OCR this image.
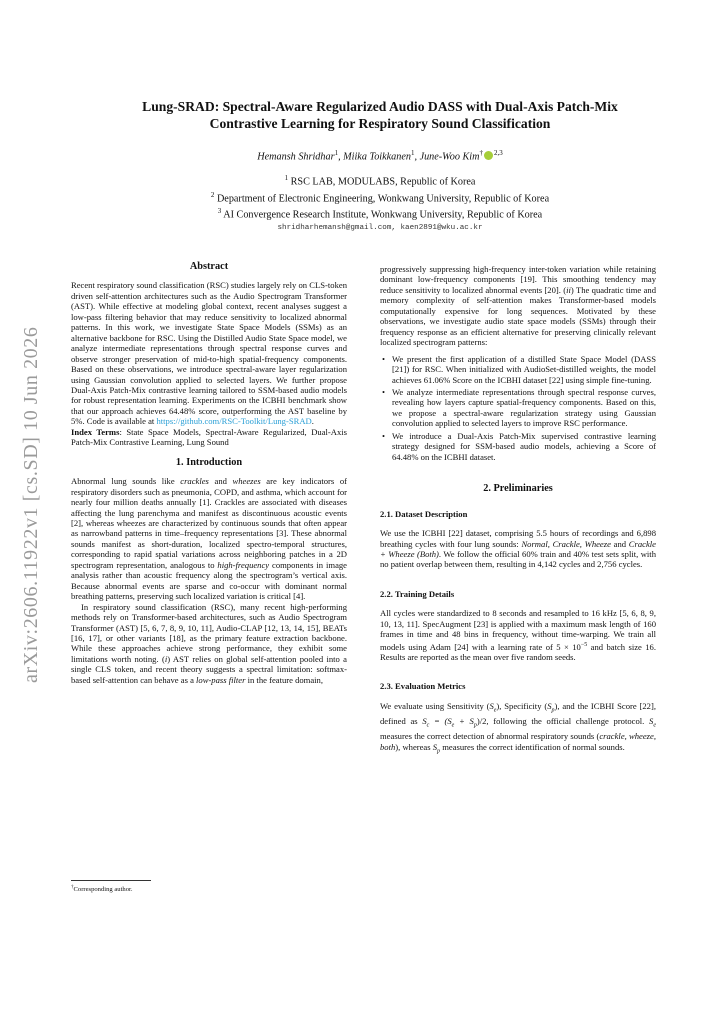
arXiv:2606.11922v1 [cs.SD] 10 Jun 2026

Lung-SRAD: Spectral-Aware Regularized Audio DASS with Dual-Axis Patch-Mix
Contrastive Learning for Respiratory Sound Classification

Hemansh Shridhar$^1$, Miika Toikkanen$^1$, June-Woo Kim† $^{2,3}$
$^1$ RSC LAB, MODULABS, Republic of Korea
$^2$ Department of Electronic Engineering, Wonkwang University, Republic of Korea
$^3$ AI Convergence Research Institute, Wonkwang University, Republic of Korea
shridharhemansh@gmail.com, kaen2891@wku.ac.kr
Abstract

Recent respiratory sound classification (RSC) studies largely rely on CLS-token driven self-attention architectures such as the Audio Spectrogram Transformer (AST). While effective at modeling global context, recent analyses suggest a low-pass filtering behavior that may reduce sensitivity to localized abnormal patterns. In this work, we investigate State Space Models (SSMs) as an alternative backbone for RSC. Using the Distilled Audio State Space model, we analyze intermediate representations through spectral response curves and observe stronger preservation of mid-to-high spatial-frequency components. Based on these observations, we introduce spectral-aware layer regularization using Gaussian convolution applied to selected layers. We further propose Dual-Axis Patch-Mix contrastive learning tailored to SSM-based audio models for robust representation learning. Experiments on the ICBHI benchmark show that our approach achieves 64.48% score, outperforming the AST baseline by 5%. Code is available at https://github.com/RSC-Toolkit/Lung-SRAD.
Index Terms: State Space Models, Spectral-Aware Regularized, Dual-Axis Patch-Mix Contrastive Learning, Lung Sound

1. Introduction

Abnormal lung sounds like crackles and wheezes are key indicators of respiratory disorders such as pneumonia, COPD, and asthma, which account for nearly four million deaths annually [1]. Crackles are associated with diseases affecting the lung parenchyma and manifest as discontinuous acoustic events [2], whereas wheezes are characterized by continuous sounds that often appear as narrowband patterns in time–frequency representations [3]. These abnormal sounds manifest as short-duration, localized spectro-temporal structures, corresponding to rapid spatial variations across neighboring patches in a 2D spectrogram representation, analogous to high-frequency components in image analysis rather than acoustic frequency along the spectrogram’s vertical axis. Because abnormal events are sparse and co-occur with dominant normal breathing patterns, preserving such localized variation is critical [4].

In respiratory sound classification (RSC), many recent high-performing methods rely on Transformer-based architectures, such as Audio Spectrogram Transformer (AST) [5, 6, 7, 8, 9, 10, 11], Audio-CLAP [12, 13, 14, 15], BEATs [16, 17], or other variants [18], as the primary feature extraction backbone. While these approaches achieve strong performance, they exhibit some limitations worth noting. (i) AST relies on global self-attention pooled into a single CLS token, and recent theory suggests a spectral limitation: softmax-based self-attention can behave as a low-pass filter in the feature domain,

†Corresponding author.

progressively suppressing high-frequency inter-token variation while retaining dominant low-frequency components [19]. This smoothing tendency may reduce sensitivity to localized abnormal events [20]. (ii) The quadratic time and memory complexity of self-attention makes Transformer-based models computationally expensive for long sequences. Motivated by these observations, we investigate audio state space models (SSMs) through their frequency response as an efficient alternative for preserving clinically relevant localized spectrogram patterns:

• We present the first application of a distilled State Space Model (DASS [21]) for RSC. When initialized with AudioSet-distilled weights, the model achieves 61.06% Score on the ICBHI dataset [22] using simple fine-tuning.
• We analyze intermediate representations through spectral response curves, revealing how layers capture spatial-frequency components. Based on this, we propose a spectral-aware regularization strategy using Gaussian convolution applied to selected layers to improve RSC performance.
• We introduce a Dual-Axis Patch-Mix supervised contrastive learning strategy designed for SSM-based audio models, achieving a Score of 64.48% on the ICBHI dataset.
2. Preliminaries
2.1. Dataset Description

We use the ICBHI [22] dataset, comprising 5.5 hours of recordings and 6,898 breathing cycles with four lung sounds: Normal, Crackle, Wheeze and Crackle + Wheeze (Both). We follow the official 60% train and 40% test sets split, with no patient overlap between them, resulting in 4,142 cycles and 2,756 cycles.

2.2. Training Details

All cycles were standardized to 8 seconds and resampled to 16 kHz [5, 6, 8, 9, 10, 13, 11]. SpecAugment [23] is applied with a maximum mask length of 160 frames in time and 48 bins in frequency, without time-warping. We train all models using Adam [24] with a learning rate of $5 \times 10^{-5}$ and batch size 16. Results are reported as the mean over five random seeds.

2.3. Evaluation Metrics

We evaluate using Sensitivity $(S_e)$, Specificity $(S_p)$, and the ICBHI Score [22], defined as $S_c = (S_e + S_p)/2$, following the official challenge protocol. $S_e$ measures the correct detection of abnormal respiratory sounds (crackle, wheeze, both), whereas $S_p$ measures the correct identification of normal sounds.
